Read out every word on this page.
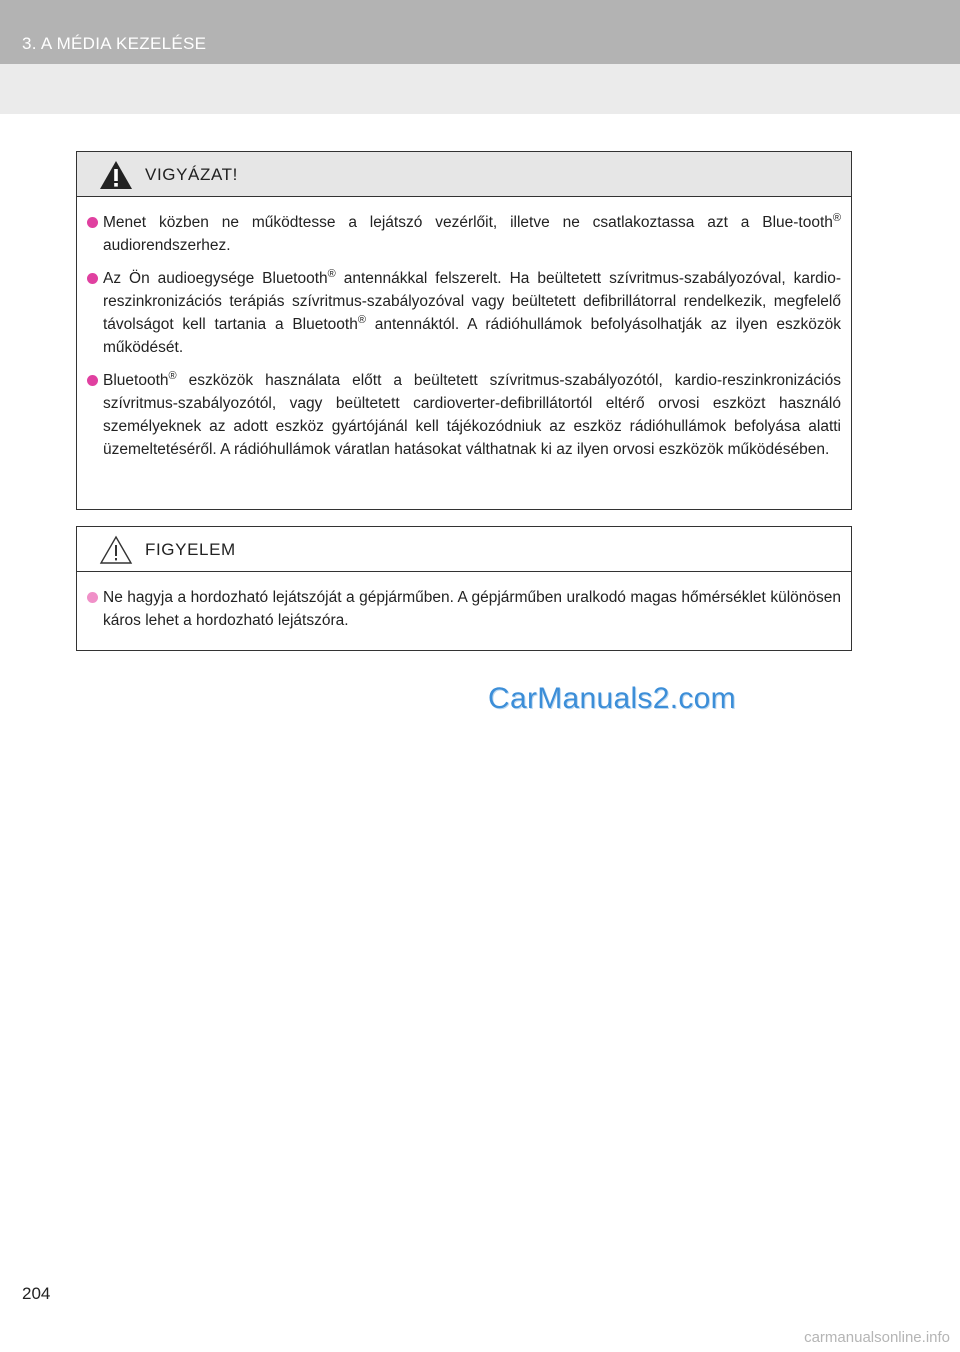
3. A MÉDIA KEZELÉSE
VIGYÁZAT!
Menet közben ne működtesse a lejátszó vezérlőit, illetve ne csatlakoztassa azt a Blue-tooth® audiorendszerhez.
Az Ön audioegysége Bluetooth® antennákkal felszerelt. Ha beültetett szívritmus-szabályozóval, kardio-reszinkronizációs terápiás szívritmus-szabályozóval vagy beültetett defibrillátorral rendelkezik, megfelelő távolságot kell tartania a Bluetooth® antennáktól. A rádióhullámok befolyásolhatják az ilyen eszközök működését.
Bluetooth® eszközök használata előtt a beültetett szívritmus-szabályozótól, kardio-reszinkronizációs szívritmus-szabályozótól, vagy beültetett cardioverter-defibrillátortól eltérő orvosi eszközt használó személyeknek az adott eszköz gyártójánál kell tájékozódniuk az eszköz rádióhullámok befolyása alatti üzemeltetéséről. A rádióhullámok váratlan hatásokat válthatnak ki az ilyen orvosi eszközök működésében.
FIGYELEM
Ne hagyja a hordozható lejátszóját a gépjárműben. A gépjárműben uralkodó magas hőmérséklet különösen káros lehet a hordozható lejátszóra.
CarManuals2.com
204
carmanualsonline.info
